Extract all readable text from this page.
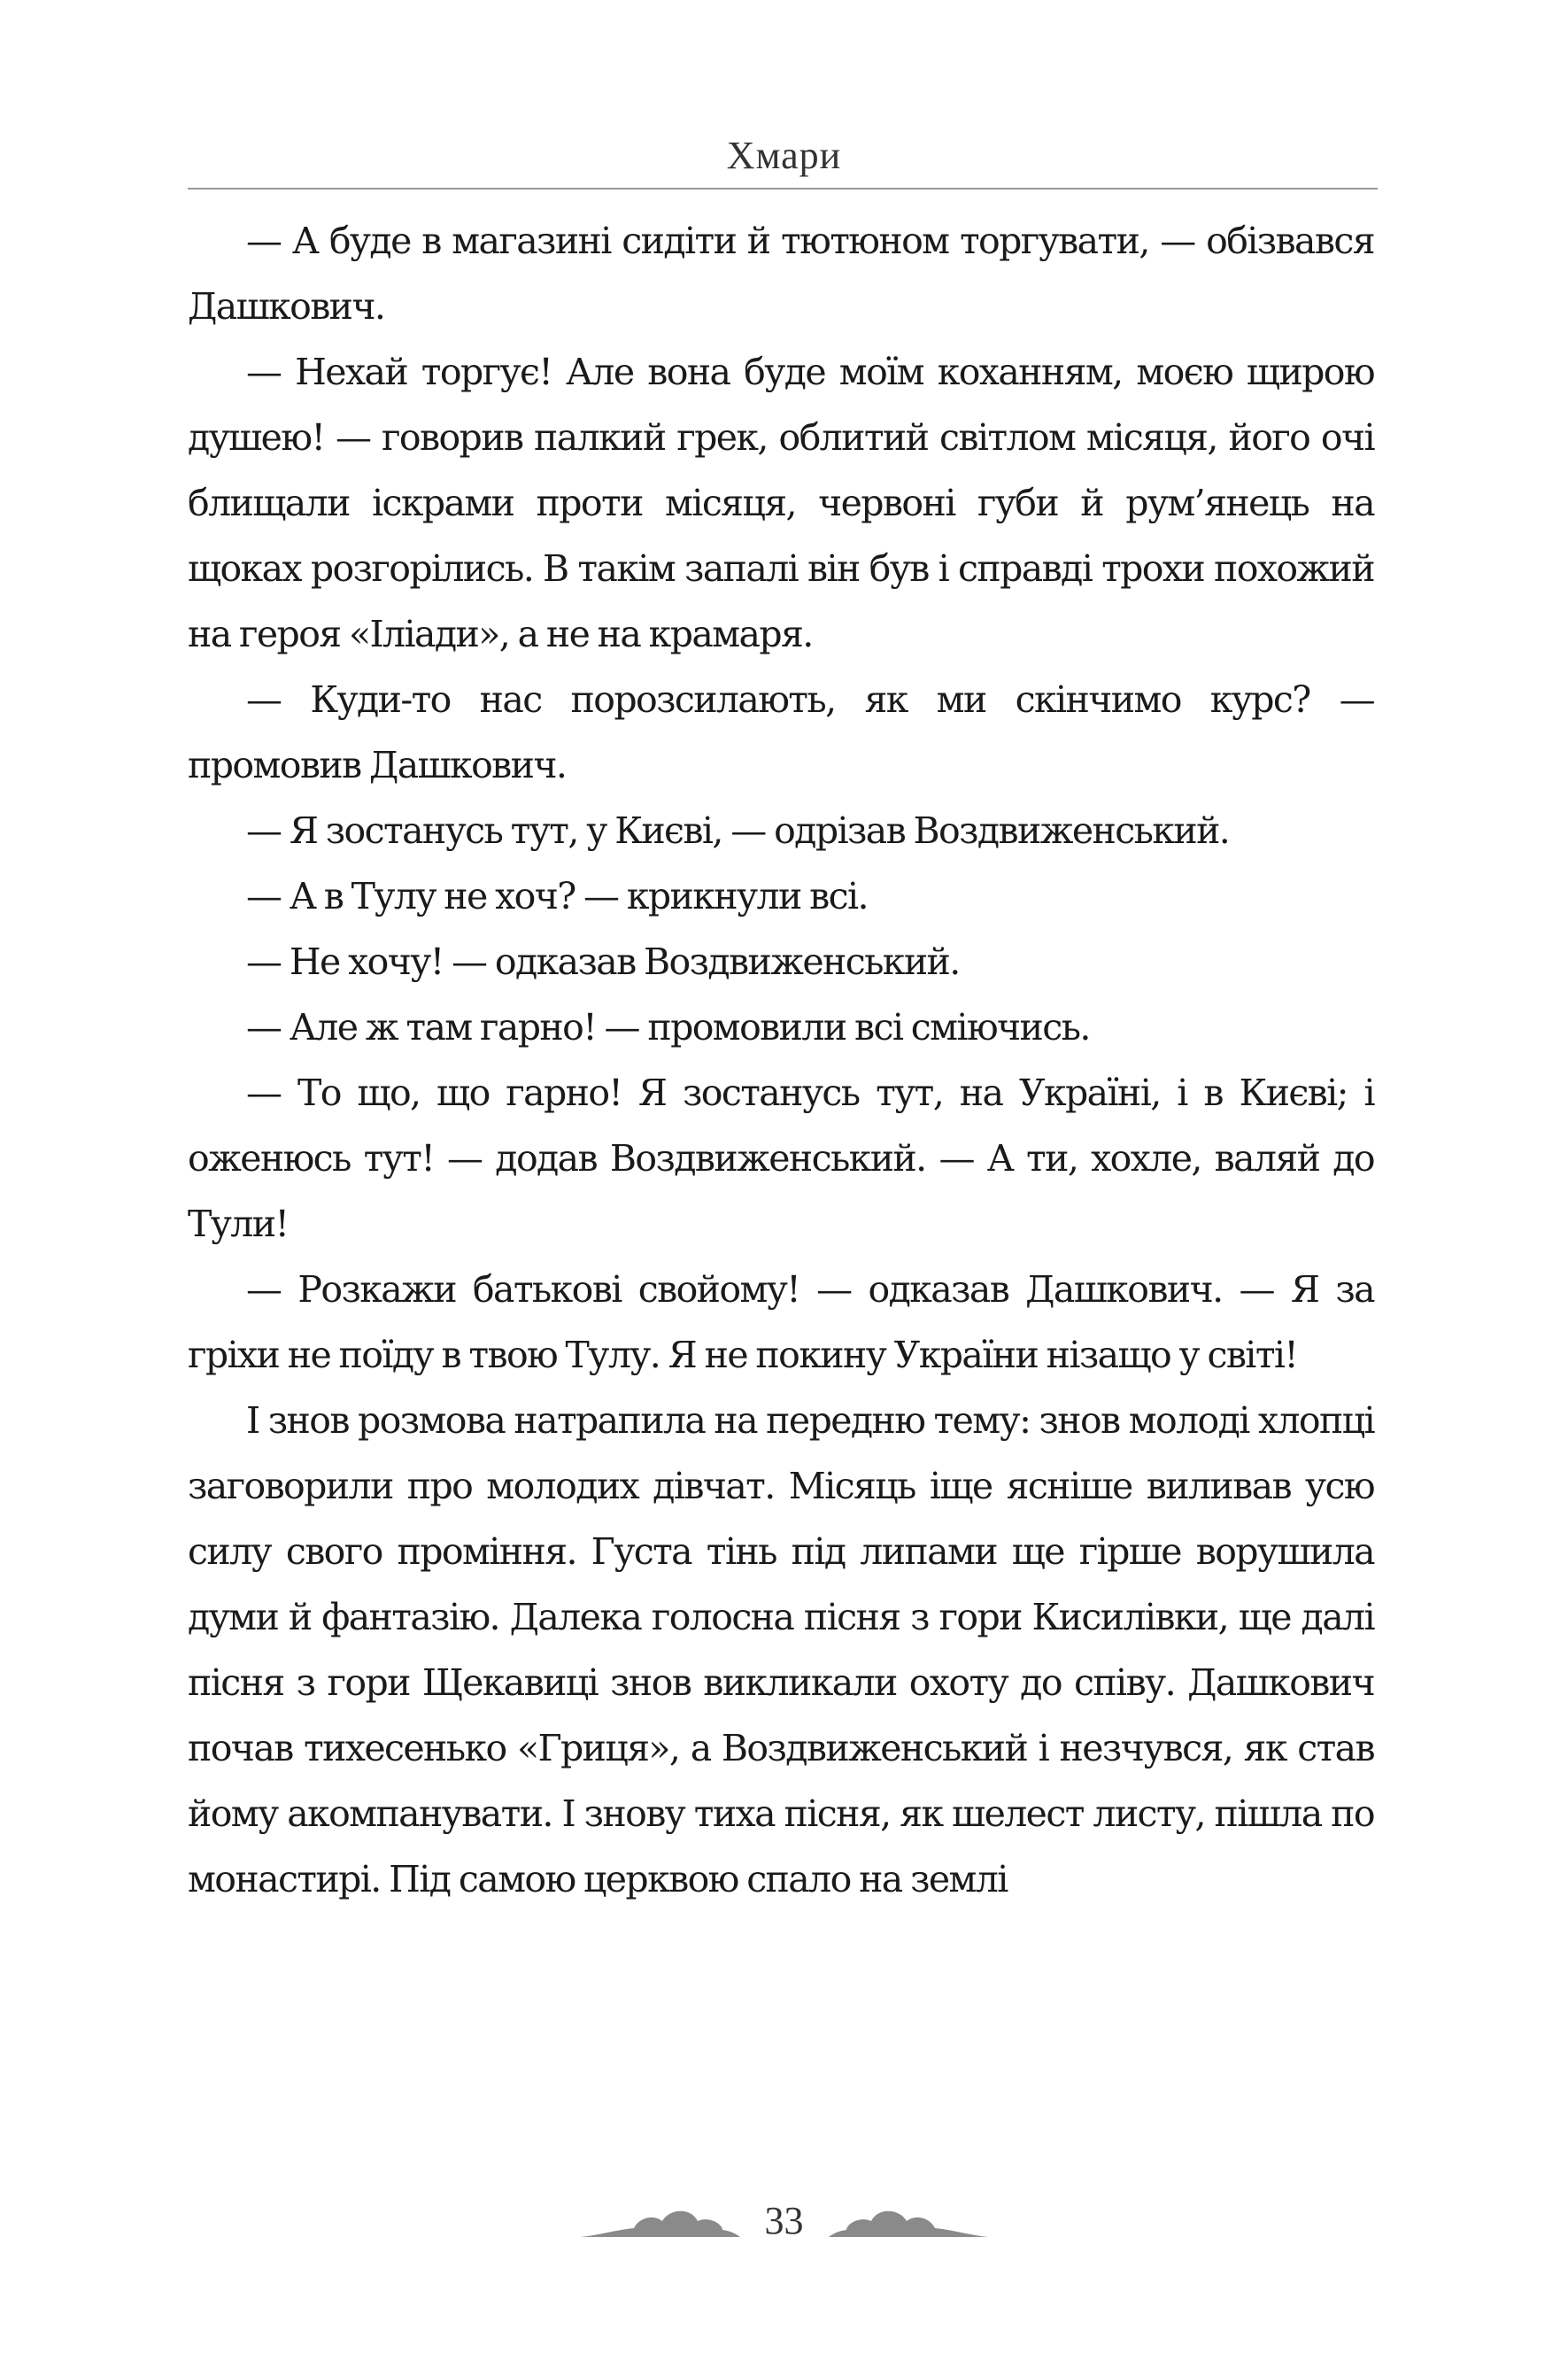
Хмари

— А буде в магазині сидіти й тютюном торгувати, — обізвався Дашкович.

— Нехай торгує! Але вона буде моїм коханням, моєю щирою душею! — говорив палкий грек, облитий світлом місяця, його очі блищали іскрами проти місяця, червоні губи й рум’янець на щоках розгорілись. В такім запалі він був і справді трохи похожий на героя «Іліади», а не на крамаря.

— Куди-то нас порозсилають, як ми скінчимо курс? — промовив Дашкович.

— Я зостанусь тут, у Києві, — одрізав Воздвиженський.

— А в Тулу не хоч? — крикнули всі.

— Не хочу! — одказав Воздвиженський.

— Але ж там гарно! — промовили всі сміючись.

— То що, що гарно! Я зостанусь тут, на Україні, і в Києві; і оженюсь тут! — додав Воздвиженський. — А ти, хохле, валяй до Тули!

— Розкажи батькові свойому! — одказав Дашкович. — Я за гріхи не поїду в твою Тулу. Я не покину України нізащо у світі!

І знов розмова натрапила на передню тему: знов молоді хлопці заговорили про молодих дівчат. Місяць іще ясніше виливав усю силу свого проміння. Густа тінь під липами ще гірше ворушила думи й фантазію. Далека голосна пісня з гори Кисилівки, ще далі пісня з гори Щекавиці знов викликали охоту до співу. Дашкович почав тихесенько «Гриця», а Воздвиженський і незчувся, як став йому акомпанувати. І знову тиха пісня, як шелест листу, пішла по монастирі. Під самою церквою спало на землі

33
